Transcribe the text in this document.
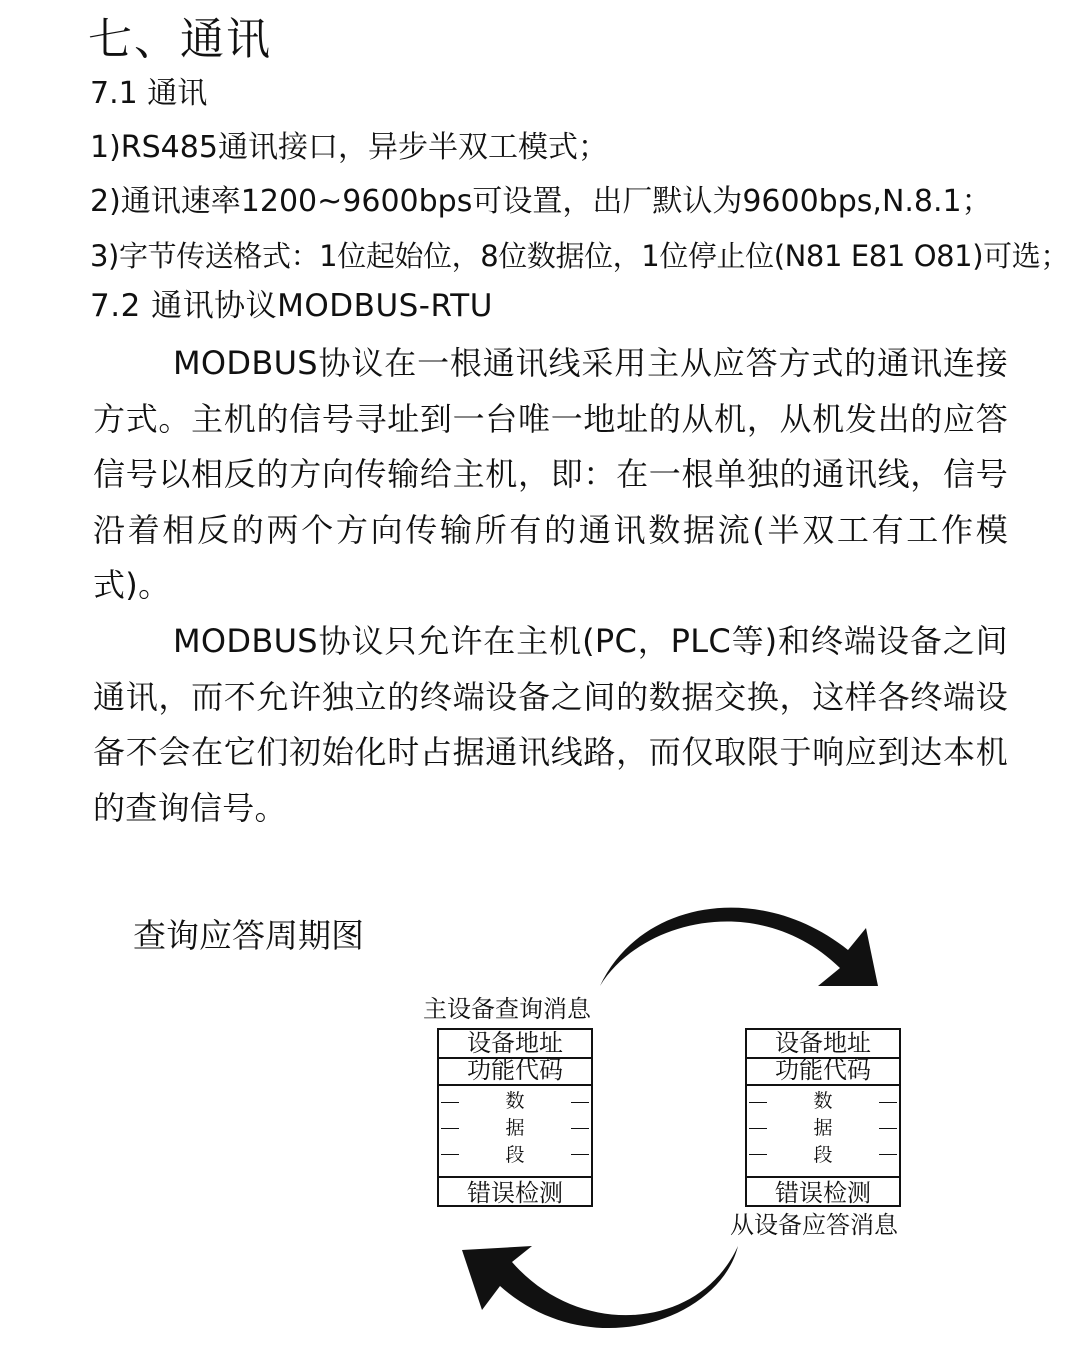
七、通讯
7.1 通讯
1)RS485通讯接口，异步半双工模式；
2)通讯速率1200~9600bps可设置，出厂默认为9600bps,N.8.1；
3)字节传送格式：1位起始位，8位数据位，1位停止位(N81 E81 O81)可选；
7.2 通讯协议MODBUS-RTU

MODBUS协议在一根通讯线采用主从应答方式的通讯连接方式。主机的信号寻址到一台唯一地址的从机，从机发出的应答信号以相反的方向传输给主机，即：在一根单独的通讯线，信号沿着相反的两个方向传输所有的通讯数据流(半双工有工作模式)。

MODBUS协议只允许在主机(PC，PLC等)和终端设备之间通讯，而不允许独立的终端设备之间的数据交换，这样各终端设备不会在它们初始化时占据通讯线路，而仅取限于响应到达本机的查询信号。

查询应答周期图
主设备查询消息
从设备应答消息
设备地址
功能代码
数
据
段
错误检测
设备地址
功能代码
数
据
段
错误检测
